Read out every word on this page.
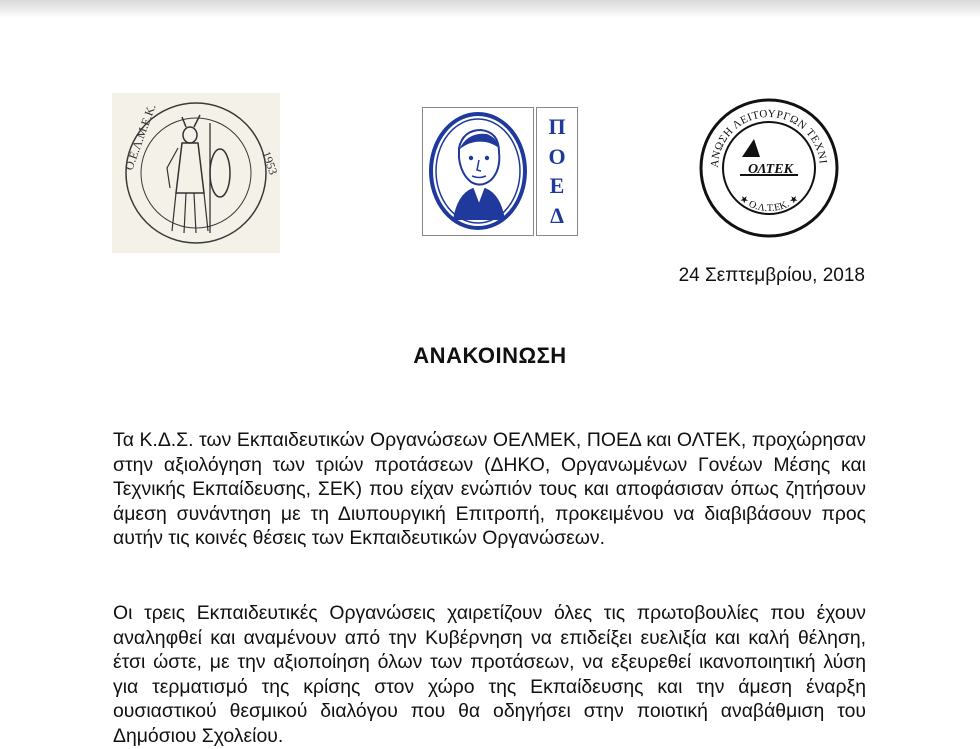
Ο.Ε.Λ.Μ.Ε.Κ.	1953
Π
Ο
Ε
Δ
ΑΝΩΣΗ ΛΕΙΤΟΥΡΓΩΝ ΤΕΧΝΙ
★ Ο.Λ.Τ.ΕΚ. ★
ΟΛΤΕΚ
24 Σεπτεμβρίου, 2018
ΑΝΑΚΟΙΝΩΣΗ

Τα Κ.Δ.Σ. των Εκπαιδευτικών Οργανώσεων ΟΕΛΜΕΚ, ΠΟΕΔ και ΟΛΤΕΚ, προχώρησαν στην αξιολόγηση των τριών προτάσεων (ΔΗΚΟ, Οργανωμένων Γονέων Μέσης και Τεχνικής Εκπαίδευσης, ΣΕΚ) που είχαν ενώπιόν τους και αποφάσισαν όπως ζητήσουν άμεση συνάντηση με τη Διυπουργική Επιτροπή, προκειμένου να διαβιβάσουν προς αυτήν τις κοινές θέσεις των Εκπαιδευτικών Οργανώσεων.

Οι τρεις Εκπαιδευτικές Οργανώσεις χαιρετίζουν όλες τις πρωτοβουλίες που έχουν αναληφθεί και αναμένουν από την Κυβέρνηση να επιδείξει ευελιξία και καλή θέληση, έτσι ώστε, με την αξιοποίηση όλων των προτάσεων, να εξευρεθεί ικανοποιητική λύση για τερματισμό της κρίσης στον χώρο της Εκπαίδευσης και την άμεση έναρξη ουσιαστικού θεσμικού διαλόγου που θα οδηγήσει στην ποιοτική αναβάθμιση του Δημόσιου Σχολείου.
